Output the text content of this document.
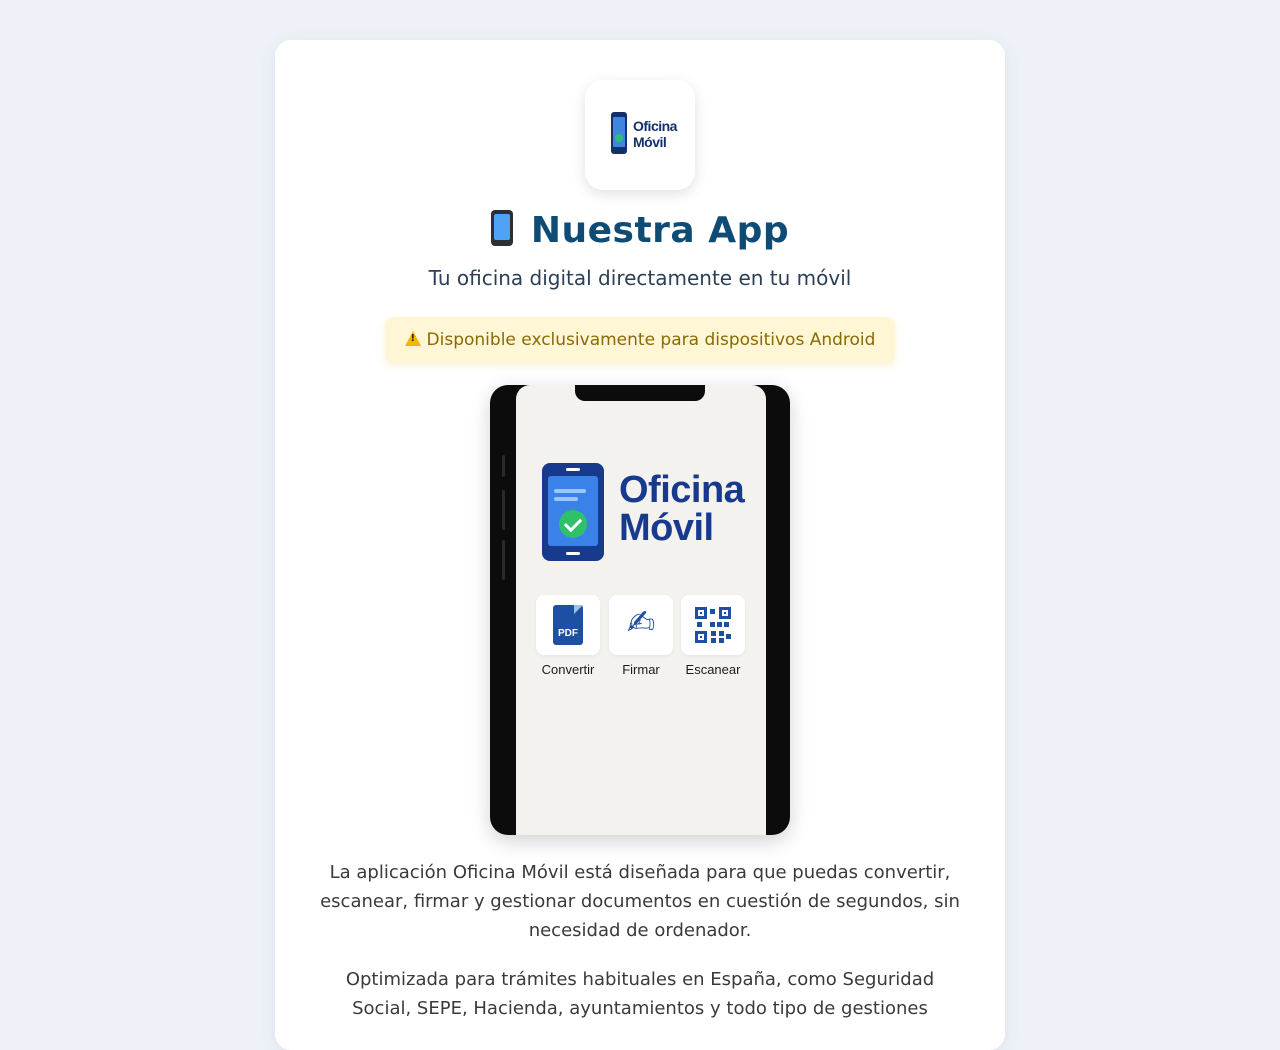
Oficina
Móvil
Nuestra App
Tu oficina digital directamente en tu móvil
!Disponible exclusivamente para dispositivos Android
Oficina
Móvil
PDF
Convertir
✍
Firmar	Escanear

La aplicación Oficina Móvil está diseñada para que puedas convertir, escanear, firmar y gestionar documentos en cuestión de segundos, sin necesidad de ordenador.

Optimizada para trámites habituales en España, como Seguridad Social, SEPE, Hacienda, ayuntamientos y todo tipo de gestiones
